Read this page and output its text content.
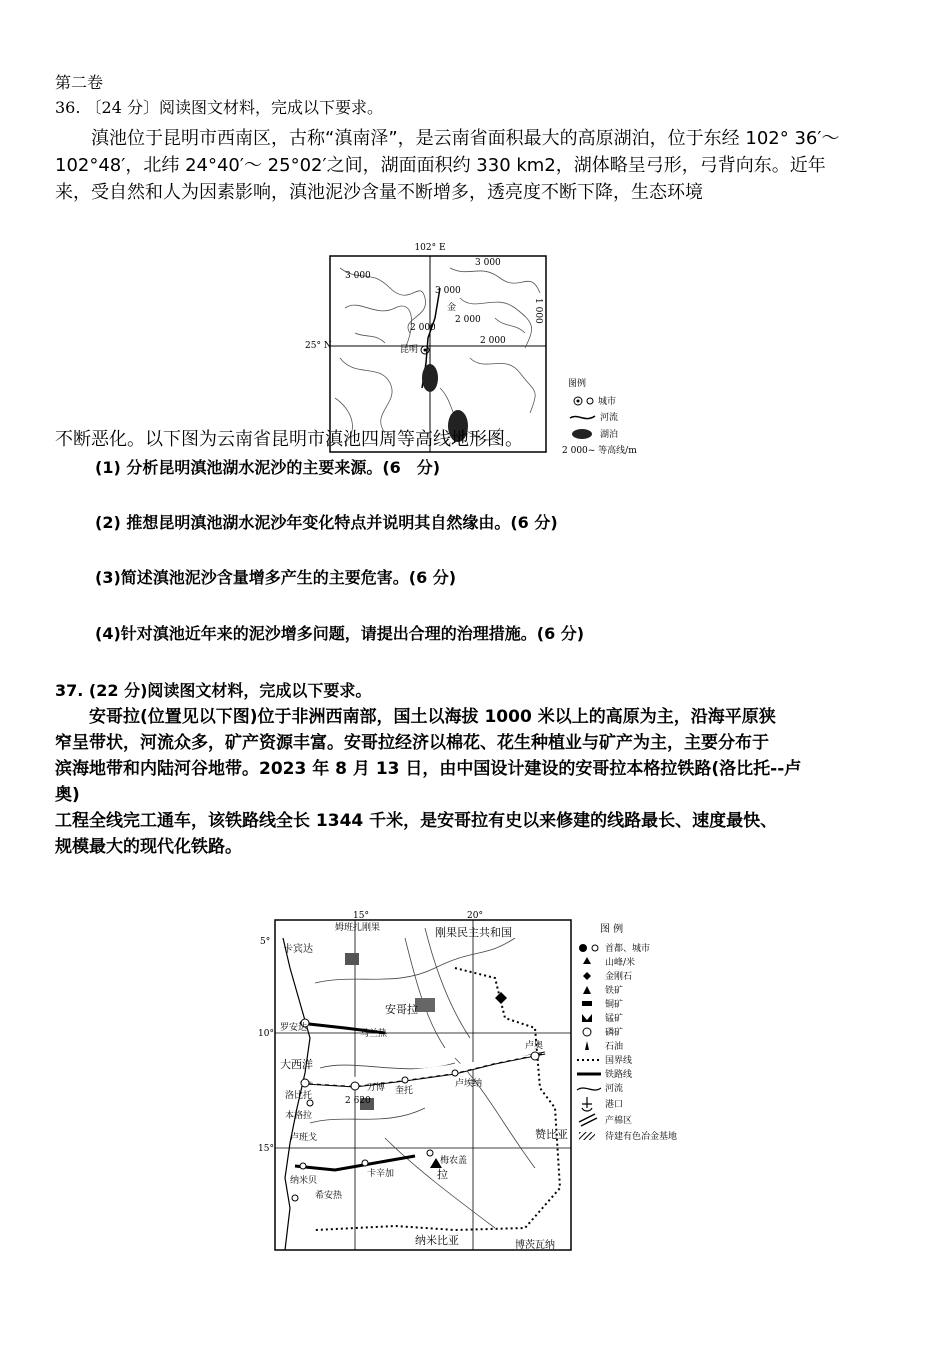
第二卷
36. 〔24 分〕阅读图文材料，完成以下要求。
　　滇池位于昆明市西南区，古称“滇南泽”，是云南省面积最大的高原湖泊，位于东经 102° 36′～
102°48′，北纬 24°40′～ 25°02′之间，湖面面积约 330 km2，湖体略呈弓形，弓背向东。近年
来，受自然和人为因素影响，滇池泥沙含量不断增多，透亮度不断下降，生态环境
102° E
25° N
3 000
3 000
3 000
2 000
2 000
2 000
1 000
昆明
金
图例
城市
河流
湖泊
2 000~ 等高线/m
不断恶化。以下图为云南省昆明市滇池四周等高线地形图。
(1) 分析昆明滇池湖水泥沙的主要来源。(6　分)
(2) 推想昆明滇池湖水泥沙年变化特点并说明其自然缘由。(6 分)
(3)简述滇池泥沙含量增多产生的主要危害。(6 分)
(4)针对滇池近年来的泥沙增多问题，请提出合理的治理措施。(6 分)
37. (22 分)阅读图文材料，完成以下要求。
　　安哥拉(位置见以下图)位于非洲西南部，国土以海拔 1000 米以上的高原为主，沿海平原狭
窄呈带状，河流众多，矿产资源丰富。安哥拉经济以棉花、花生种植业与矿产为主，主要分布于
滨海地带和内陆河谷地带。2023 年 8 月 13 日，由中国设计建设的安哥拉本格拉铁路(洛比托--卢
奥)
工程全线完工通车，该铁路线全长 1344 千米，是安哥拉有史以来修建的线路最长、速度最快、
规模最大的现代化铁路。
15°	20°
5°
10°
15°
卡宾达
刚果民主共和国
大西洋
安哥拉
罗安达
马兰热
洛比托
本格拉
万博 奎托
卢埃纳
卢奥
卢班戈
纳米贝
希安热
卡辛加
梅农盖
赞比亚
纳米比亚	博茨瓦纳
拉
姆班扎刚果
2 620
图 例
首都、城市
山峰/米
金刚石
铁矿
铜矿
锰矿
磷矿
石油
国界线
铁路线
河流
港口
产棉区
待建有色冶金基地
